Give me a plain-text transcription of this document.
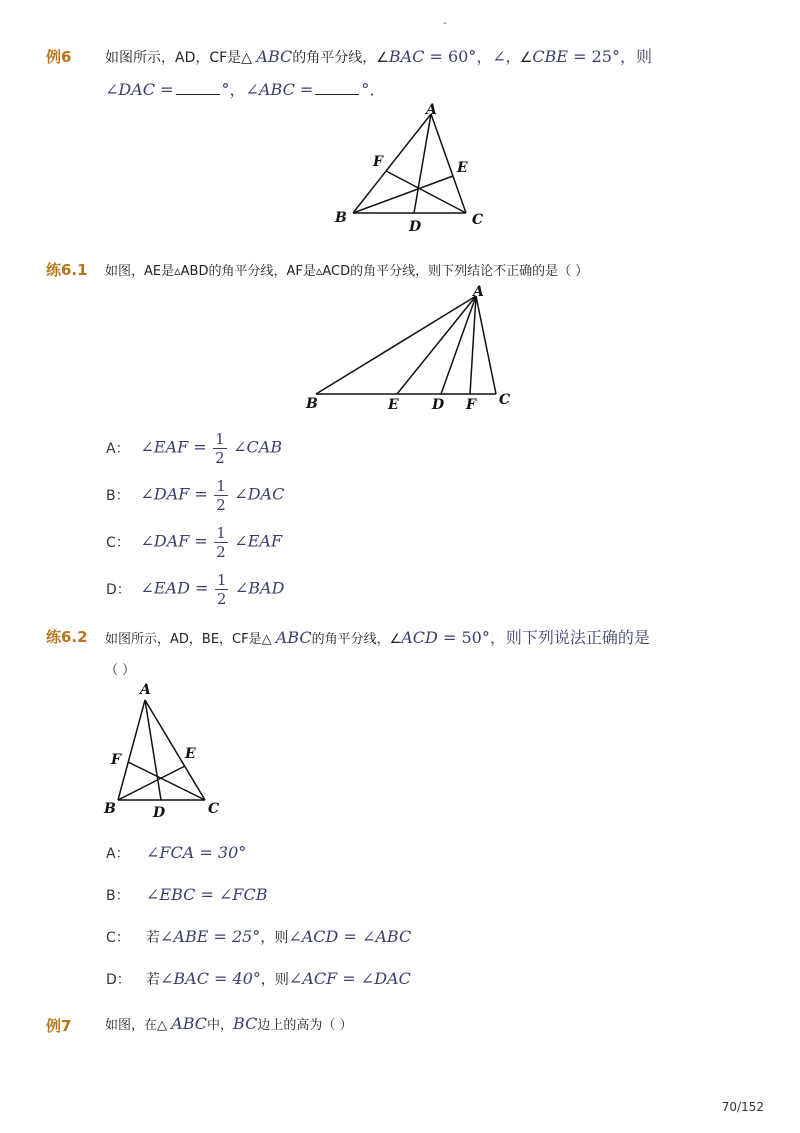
-
例6 如图所示，AD，CF是△ ABC的角平分线，∠BAC = 60°，∠，∠CBE = 25°，则
∠DAC =	°，∠ABC =	°．
A
F	E
B	C
D
练6.1 如图，AE是▵ABD的角平分线，AF是▵ACD的角平分线，则下列结论不正确的是（ ）
A
B	E D F C
A： ∠EAF = $\frac{1}{2}$ ∠CAB
B： ∠DAF = $\frac{1}{2}$ ∠DAC
C： ∠DAF = $\frac{1}{2}$ ∠EAF
D： ∠EAD = $\frac{1}{2}$ ∠BAD
练6.2 如图所示，AD，BE，CF是△ ABC的角平分线，∠ACD = 50°，则下列说法正确的是
（ ）
A
F	E
B	C
D
A： ∠FCA = 30°
B： ∠EBC = ∠FCB
C： 若∠ABE = 25°，则∠ACD = ∠ABC
D： 若∠BAC = 40°，则∠ACF = ∠DAC
例7	如图，在△ ABC中，BC边上的高为（ ）
70/152
